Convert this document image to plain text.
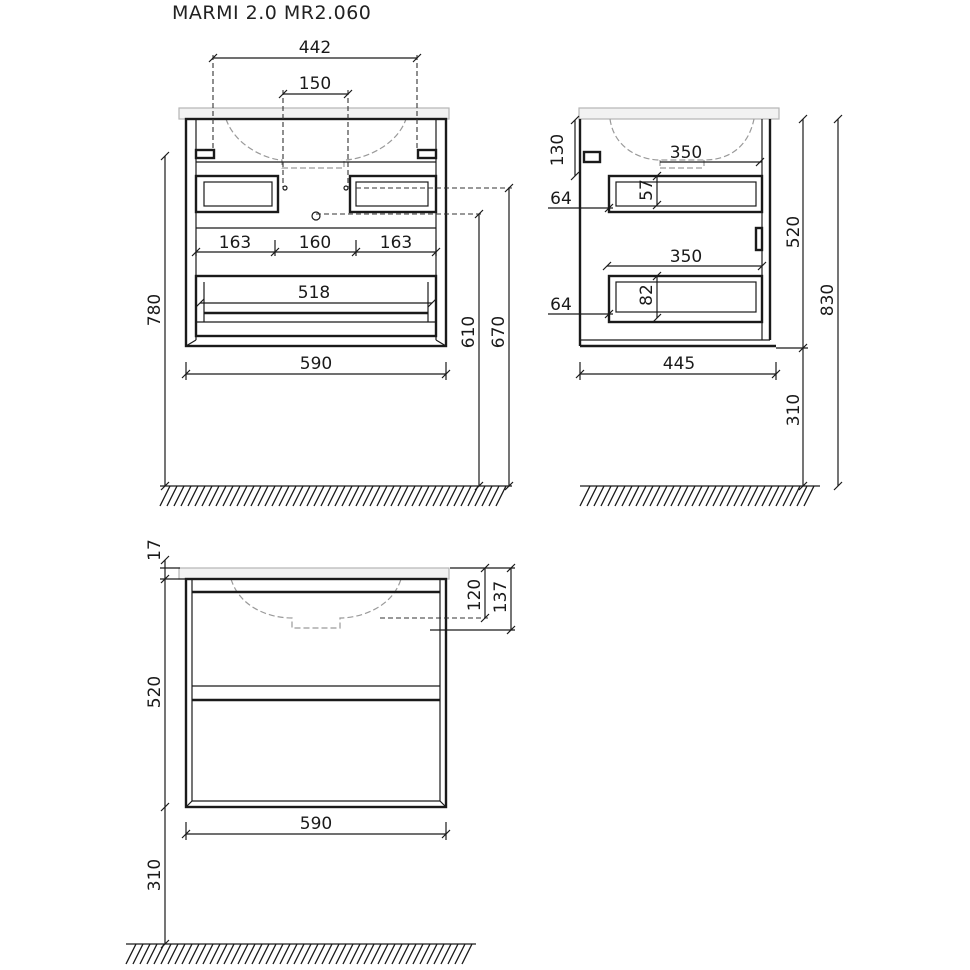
MARMI 2.0 MR2.060
442
150
163	160	163
518
590
780
610 670
130	350
57
64
350
82
64
520
830
310
445
17
520
310
120 137
590
